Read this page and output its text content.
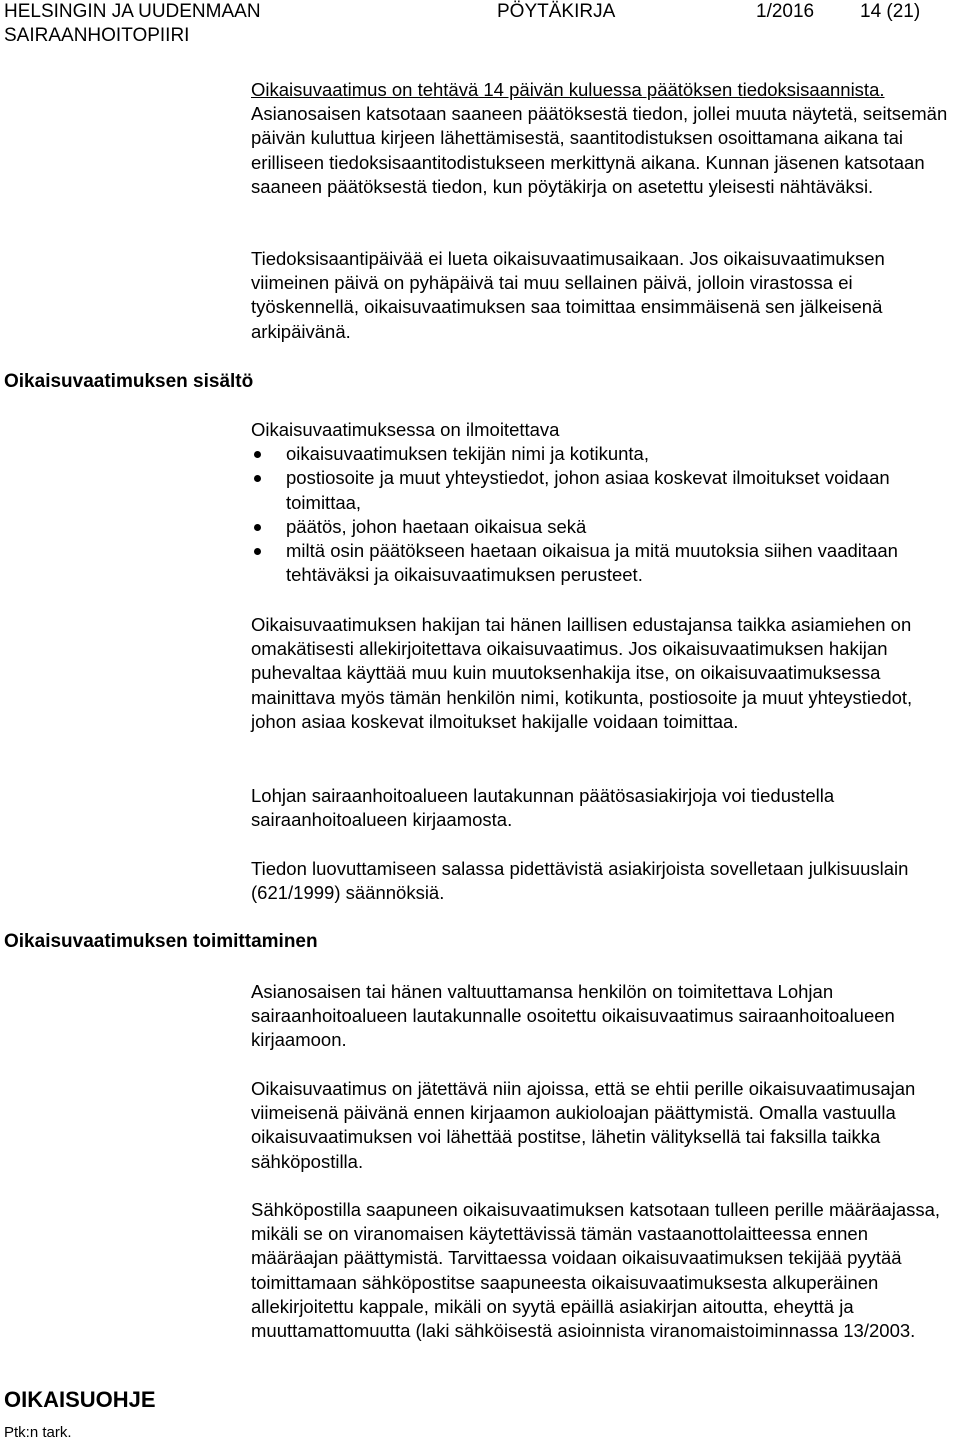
HELSINGIN JA UUDENMAAN
SAIRAANHOITOPIIRI
PÖYTÄKIRJA	1/2016 14 (21)
Oikaisuvaatimuksen sisältö
Oikaisuvaatimuksen toimittaminen
OIKAISUOHJE
Ptk:n tark.

Oikaisuvaatimus on tehtävä 14 päivän kuluessa päätöksen tiedoksisaannista. Asianosaisen katsotaan saaneen päätöksestä tiedon, jollei muuta näytetä, seitsemän päivän kuluttua kirjeen lähettämisestä, saantitodistuksen osoittamana aikana tai erilliseen tiedoksisaantitodistukseen merkittynä aikana. Kunnan jäsenen katsotaan saaneen päätöksestä tiedon, kun pöytäkirja on asetettu yleisesti nähtäväksi.

Tiedoksisaantipäivää ei lueta oikaisuvaatimusaikaan. Jos oikaisuvaatimuksen viimeinen päivä on pyhäpäivä tai muu sellainen päivä, jolloin virastossa ei työskennellä, oikaisuvaatimuksen saa toimittaa ensimmäisenä sen jälkeisenä arkipäivänä.

Oikaisuvaatimuksessa on ilmoitettava

oikaisuvaatimuksen tekijän nimi ja kotikunta,
postiosoite ja muut yhteystiedot, johon asiaa koskevat ilmoitukset voidaan toimittaa,
päätös, johon haetaan oikaisua sekä
miltä osin päätökseen haetaan oikaisua ja mitä muutoksia siihen vaaditaan tehtäväksi ja oikaisuvaatimuksen perusteet.

Oikaisuvaatimuksen hakijan tai hänen laillisen edustajansa taikka asiamiehen on omakätisesti allekirjoitettava oikaisuvaatimus. Jos oikaisuvaatimuksen hakijan puhevaltaa käyttää muu kuin muutoksenhakija itse, on oikaisuvaatimuksessa mainittava myös tämän henkilön nimi, kotikunta, postiosoite ja muut yhteystiedot, johon asiaa koskevat ilmoitukset hakijalle voidaan toimittaa.

Lohjan sairaanhoitoalueen lautakunnan päätösasiakirjoja voi tiedustella sairaanhoitoalueen kirjaamosta.

Tiedon luovuttamiseen salassa pidettävistä asiakirjoista sovelletaan julkisuuslain (621/1999) säännöksiä.

Asianosaisen tai hänen valtuuttamansa henkilön on toimitettava Lohjan sairaanhoitoalueen lautakunnalle osoitettu oikaisuvaatimus sairaanhoitoalueen kirjaamoon.

Oikaisuvaatimus on jätettävä niin ajoissa, että se ehtii perille oikaisuvaatimusajan viimeisenä päivänä ennen kirjaamon aukioloajan päättymistä. Omalla vastuulla oikaisuvaatimuksen voi lähettää postitse, lähetin välityksellä tai faksilla taikka sähköpostilla.

Sähköpostilla saapuneen oikaisuvaatimuksen katsotaan tulleen perille määräajassa, mikäli se on viranomaisen käytettävissä tämän vastaanottolaitteessa ennen määräajan päättymistä. Tarvittaessa voidaan oikaisuvaatimuksen tekijää pyytää toimittamaan sähköpostitse saapuneesta oikaisuvaatimuksesta alkuperäinen allekirjoitettu kappale, mikäli on syytä epäillä asiakirjan aitoutta, eheyttä ja muuttamattomuutta (laki sähköisestä asioinnista viranomaistoiminnassa 13/2003.
